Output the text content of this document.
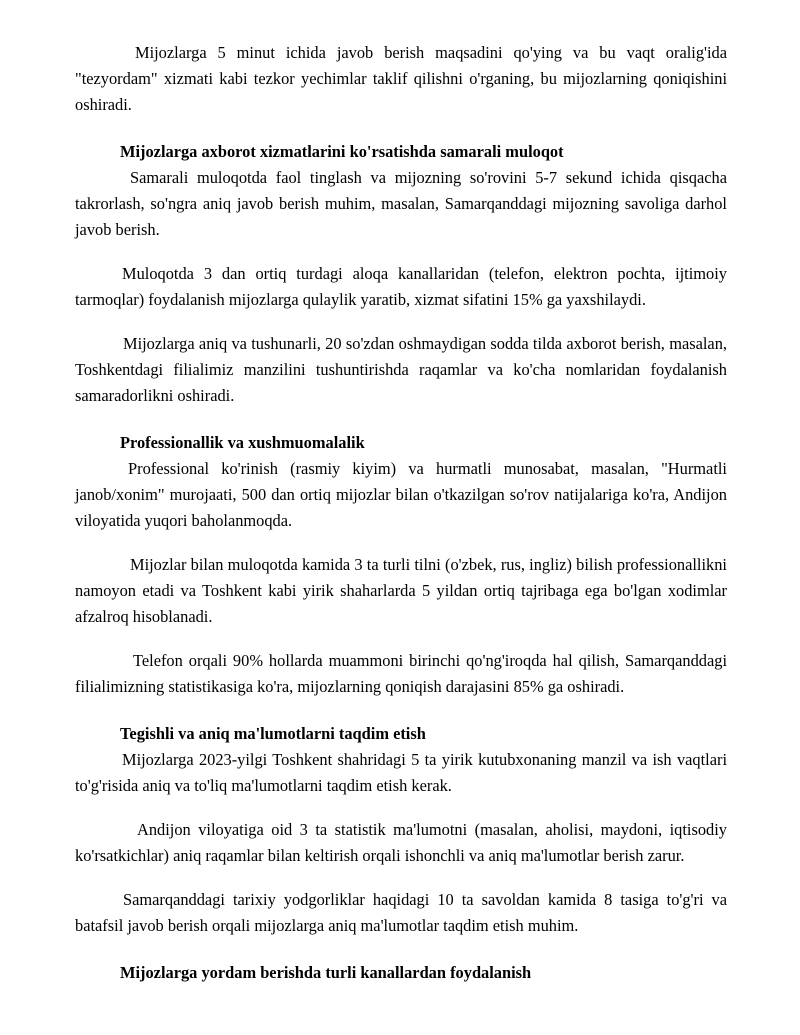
Mijozlarga 5 minut ichida javob berish maqsadini qo'ying va bu vaqt oralig'ida "tezyordam" xizmati kabi tezkor yechimlar taklif qilishni o'rganing, bu mijozlarning qoniqishini oshiradi.

Mijozlarga axborot xizmatlarini ko'rsatishda samarali muloqot

Samarali muloqotda faol tinglash va mijozning so'rovini 5-7 sekund ichida qisqacha takrorlash, so'ngra aniq javob berish muhim, masalan, Samarqanddagi mijozning savoliga darhol javob berish.

Muloqotda 3 dan ortiq turdagi aloqa kanallaridan (telefon, elektron pochta, ijtimoiy tarmoqlar) foydalanish mijozlarga qulaylik yaratib, xizmat sifatini 15% ga yaxshilaydi.

Mijozlarga aniq va tushunarli, 20 so'zdan oshmaydigan sodda tilda axborot berish, masalan, Toshkentdagi filialimiz manzilini tushuntirishda raqamlar va ko'cha nomlaridan foydalanish samaradorlikni oshiradi.

Professionallik va xushmuomalalik

Professional ko'rinish (rasmiy kiyim) va hurmatli munosabat, masalan, "Hurmatli janob/xonim" murojaati, 500 dan ortiq mijozlar bilan o'tkazilgan so'rov natijalariga ko'ra, Andijon viloyatida yuqori baholanmoqda.

Mijozlar bilan muloqotda kamida 3 ta turli tilni (o'zbek, rus, ingliz) bilish professionallikni namoyon etadi va Toshkent kabi yirik shaharlarda 5 yildan ortiq tajribaga ega bo'lgan xodimlar afzalroq hisoblanadi.

Telefon orqali 90% hollarda muammoni birinchi qo'ng'iroqda hal qilish, Samarqanddagi filialimizning statistikasiga ko'ra, mijozlarning qoniqish darajasini 85% ga oshiradi.

Tegishli va aniq ma'lumotlarni taqdim etish

Mijozlarga 2023-yilgi Toshkent shahridagi 5 ta yirik kutubxonaning manzil va ish vaqtlari to'g'risida aniq va to'liq ma'lumotlarni taqdim etish kerak.

Andijon viloyatiga oid 3 ta statistik ma'lumotni (masalan, aholisi, maydoni, iqtisodiy ko'rsatkichlar) aniq raqamlar bilan keltirish orqali ishonchli va aniq ma'lumotlar berish zarur.

Samarqanddagi tarixiy yodgorliklar haqidagi 10 ta savoldan kamida 8 tasiga to'g'ri va batafsil javob berish orqali mijozlarga aniq ma'lumotlar taqdim etish muhim.

Mijozlarga yordam berishda turli kanallardan foydalanish
